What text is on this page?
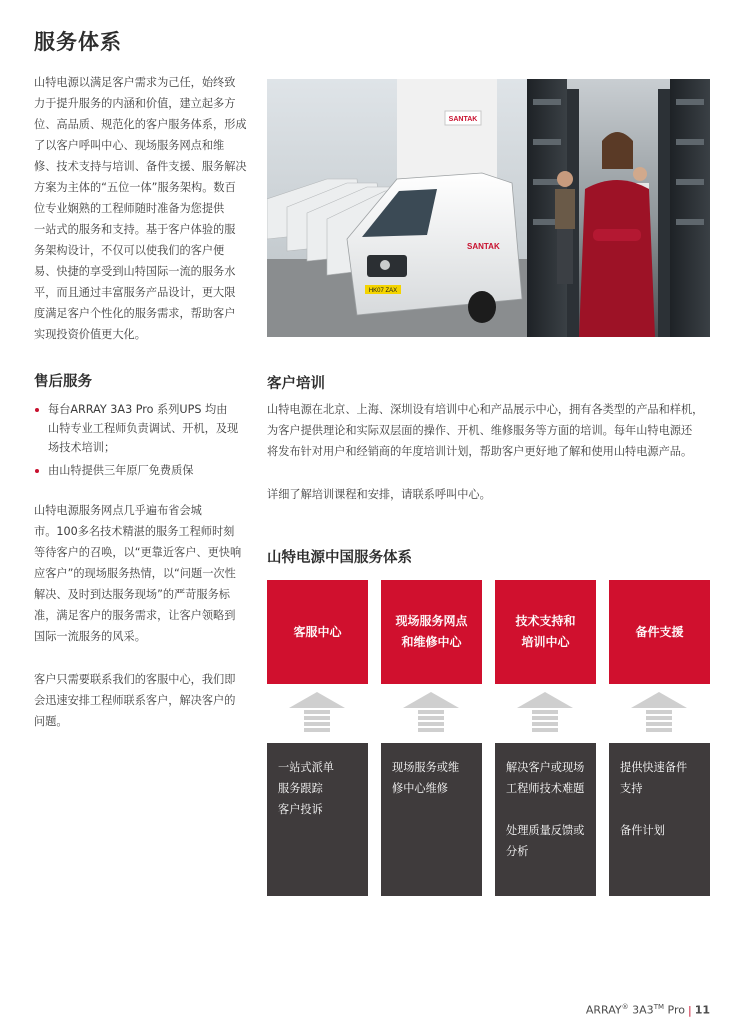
服务体系
山特电源以满足客户需求为己任，始终致
力于提升服务的内涵和价值，建立起多方
位、高品质、规范化的客户服务体系，形成
了以客户呼叫中心、现场服务网点和维
修、技术支持与培训、备件支援、服务解决
方案为主体的“五位一体”服务架构。数百
位专业娴熟的工程师随时准备为您提供
一站式的服务和支持。基于客户体验的服
务架构设计，不仅可以使我们的客户便
易、快捷的享受到山特国际一流的服务水
平，而且通过丰富服务产品设计，更大限
度满足客户个性化的服务需求，帮助客户
实现投资价值更大化。
SANTAK
HK07 ZAX
SANTAK
售后服务
每台ARRAY 3A3 Pro 系列UPS 均由
山特专业工程师负责调试、开机，及现
场技术培训；
由山特提供三年原厂免费质保
山特电源服务网点几乎遍布省会城
市。100多名技术精湛的服务工程师时刻
等待客户的召唤，以“更靠近客户、更快响
应客户”的现场服务热情，以“问题一次性
解决、及时到达服务现场”的严苛服务标
准，满足客户的服务需求，让客户领略到
国际一流服务的风采。
客户只需要联系我们的客服中心，我们即
会迅速安排工程师联系客户，解决客户的
问题。
客户培训
山特电源在北京、上海、深圳设有培训中心和产品展示中心，拥有各类型的产品和样机，
为客户提供理论和实际双层面的操作、开机、维修服务等方面的培训。每年山特电源还
将发布针对用户和经销商的年度培训计划，帮助客户更好地了解和使用山特电源产品。
详细了解培训课程和安排，请联系呼叫中心。
山特电源中国服务体系
客服中心
现场服务网点
和维修中心
技术支持和
培训中心
备件支援
一站式派单
服务跟踪
客户投诉
现场服务或维
修中心维修
解决客户或现场
工程师技术难题
处理质量反馈或
分析
提供快速备件
支持
备件计划
ARRAY® 3A3™ Pro | 11
